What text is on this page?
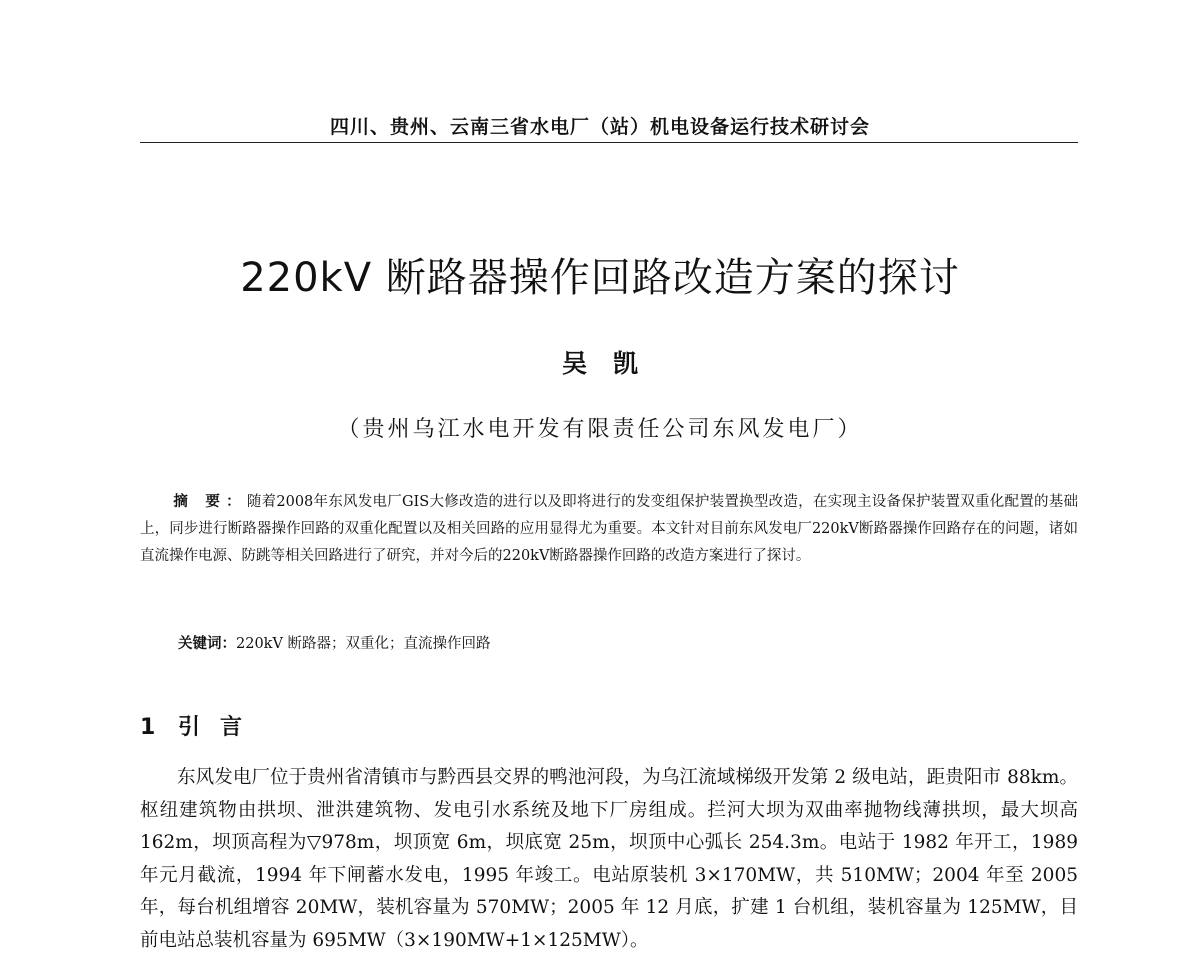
四川、贵州、云南三省水电厂（站）机电设备运行技术研讨会
220kV 断路器操作回路改造方案的探讨
吴凯
（贵州乌江水电开发有限责任公司东风发电厂）
摘 要：随着2008年东风发电厂GIS大修改造的进行以及即将进行的发变组保护装置换型改造，在实现主设备保护装置双重化配置的基础上，同步进行断路器操作回路的双重化配置以及相关回路的应用显得尤为重要。本文针对目前东风发电厂220kV断路器操作回路存在的问题，诸如直流操作电源、防跳等相关回路进行了研究，并对今后的220kV断路器操作回路的改造方案进行了探讨。
关键词：220kV 断路器；双重化；直流操作回路
1 引言
东风发电厂位于贵州省清镇市与黔西县交界的鸭池河段，为乌江流域梯级开发第 2 级电站，距贵阳市 88km。枢纽建筑物由拱坝、泄洪建筑物、发电引水系统及地下厂房组成。拦河大坝为双曲率抛物线薄拱坝，最大坝高 162m，坝顶高程为▽978m，坝顶宽 6m，坝底宽 25m，坝顶中心弧长 254.3m。电站于 1982 年开工，1989 年元月截流，1994 年下闸蓄水发电，1995 年竣工。电站原装机 3×170MW，共 510MW；2004 年至 2005 年，每台机组增容 20MW，装机容量为 570MW；2005 年 12 月底，扩建 1 台机组，装机容量为 125MW，目前电站总装机容量为 695MW（3×190MW+1×125MW）。
